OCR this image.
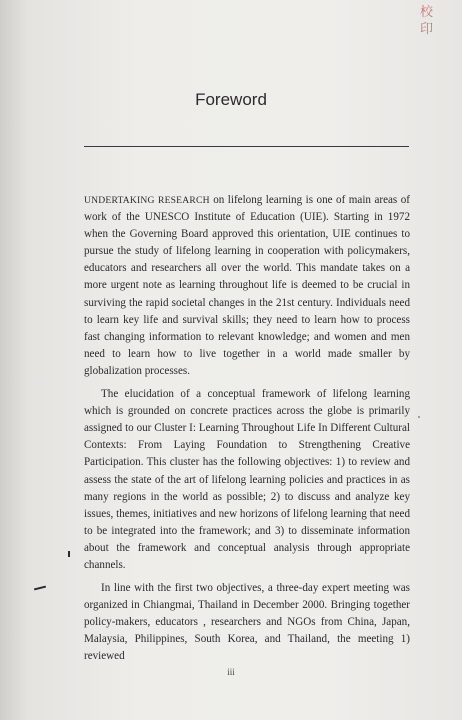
校
印
Foreword

UNDERTAKING RESEARCH on lifelong learning is one of main areas of work of the UNESCO Institute of Education (UIE). Starting in 1972 when the Governing Board approved this orientation, UIE continues to pursue the study of lifelong learning in cooperation with policymakers, educators and researchers all over the world. This mandate takes on a more urgent note as learning throughout life is deemed to be crucial in surviving the rapid societal changes in the 21st century. Individuals need to learn key life and survival skills; they need to learn how to process fast changing information to relevant knowledge; and women and men need to learn how to live together in a world made smaller by globalization processes.

The elucidation of a conceptual framework of lifelong learning which is grounded on concrete practices across the globe is primarily assigned to our Cluster I: Learning Throughout Life In Different Cultural Contexts: From Laying Foundation to Strengthening Creative Participation. This cluster has the following objectives: 1) to review and assess the state of the art of lifelong learning policies and practices in as many regions in the world as possible; 2) to discuss and analyze key issues, themes, initiatives and new horizons of lifelong learning that need to be integrated into the framework; and 3) to disseminate information about the framework and conceptual analysis through appropriate channels.

In line with the first two objectives, a three-day expert meeting was organized in Chiangmai, Thailand in December 2000. Bringing together policy-makers, educators , researchers and NGOs from China, Japan, Malaysia, Philippines, South Korea, and Thailand, the meeting 1) reviewed

iii
